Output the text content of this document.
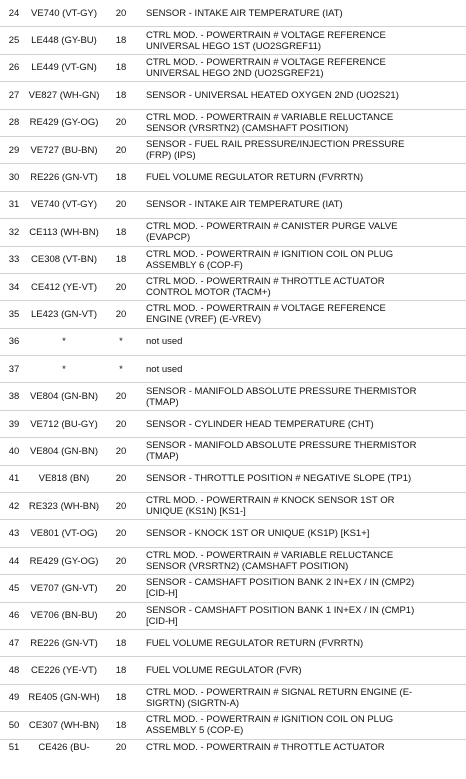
24	VE740 (VT-GY)	20	SENSOR - INTAKE AIR TEMPERATURE (IAT)
25	LE448 (GY-BU)	18	CTRL MOD. - POWERTRAIN # VOLTAGE REFERENCE
UNIVERSAL HEGO 1ST (UO2SGREF11)
26	LE449 (VT-GN)	18	CTRL MOD. - POWERTRAIN # VOLTAGE REFERENCE
UNIVERSAL HEGO 2ND (UO2SGREF21)
27 VE827 (WH-GN)	18	SENSOR - UNIVERSAL HEATED OXYGEN 2ND (UO2S21)
28	RE429 (GY-OG)	20	CTRL MOD. - POWERTRAIN # VARIABLE RELUCTANCE
SENSOR (VRSRTN2) (CAMSHAFT POSITION)
29	VE727 (BU-BN)	20	SENSOR - FUEL RAIL PRESSURE/INJECTION PRESSURE
(FRP) (IPS)
30	RE226 (GN-VT)	18	FUEL VOLUME REGULATOR RETURN (FVRRTN)
31	VE740 (VT-GY)	20	SENSOR - INTAKE AIR TEMPERATURE (IAT)
32	CE113 (WH-BN)	18	CTRL MOD. - POWERTRAIN # CANISTER PURGE VALVE
(EVAPCP)
33	CE308 (VT-BN)	18	CTRL MOD. - POWERTRAIN # IGNITION COIL ON PLUG
ASSEMBLY 6 (COP-F)
34	CE412 (YE-VT)	20	CTRL MOD. - POWERTRAIN # THROTTLE ACTUATOR
CONTROL MOTOR (TACM+)
35	LE423 (GN-VT)	20	CTRL MOD. - POWERTRAIN # VOLTAGE REFERENCE
ENGINE (VREF) (E-VREV)
36	*	*	not used
37	*	*	not used
38	VE804 (GN-BN)	20	SENSOR - MANIFOLD ABSOLUTE PRESSURE THERMISTOR
(TMAP)
39	VE712 (BU-GY)	20	SENSOR - CYLINDER HEAD TEMPERATURE (CHT)
40	VE804 (GN-BN)	20	SENSOR - MANIFOLD ABSOLUTE PRESSURE THERMISTOR
(TMAP)
41	VE818 (BN)	20	SENSOR - THROTTLE POSITION # NEGATIVE SLOPE (TP1)
42	RE323 (WH-BN)	20	CTRL MOD. - POWERTRAIN # KNOCK SENSOR 1ST OR
UNIQUE (KS1N) [KS1-]
43	VE801 (VT-OG)	20	SENSOR - KNOCK 1ST OR UNIQUE (KS1P) [KS1+]
44	RE429 (GY-OG)	20	CTRL MOD. - POWERTRAIN # VARIABLE RELUCTANCE
SENSOR (VRSRTN2) (CAMSHAFT POSITION)
45	VE707 (GN-VT)	20	SENSOR - CAMSHAFT POSITION BANK 2 IN+EX / IN (CMP2)
[CID-H]
46	VE706 (BN-BU)	20	SENSOR - CAMSHAFT POSITION BANK 1 IN+EX / IN (CMP1)
[CID-H]
47	RE226 (GN-VT)	18	FUEL VOLUME REGULATOR RETURN (FVRRTN)
48	CE226 (YE-VT)	18	FUEL VOLUME REGULATOR (FVR)
49 RE405 (GN-WH)	18	CTRL MOD. - POWERTRAIN # SIGNAL RETURN ENGINE (E-
SIGRTN) (SIGRTN-A)
50	CE307 (WH-BN)	18	CTRL MOD. - POWERTRAIN # IGNITION COIL ON PLUG
ASSEMBLY 5 (COP-E)
51	CE426 (BU-	20	CTRL MOD. - POWERTRAIN # THROTTLE ACTUATOR
